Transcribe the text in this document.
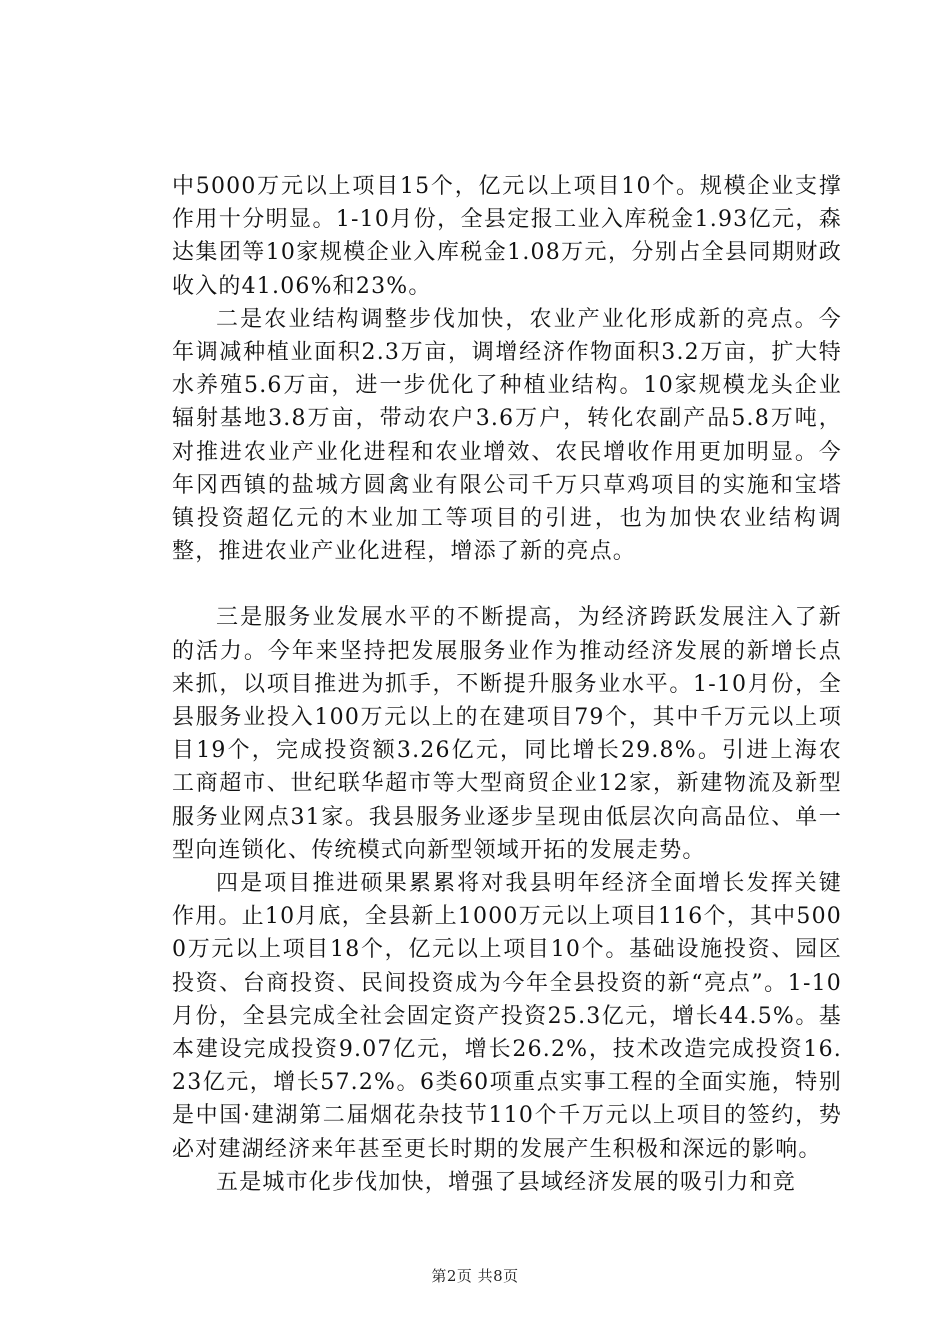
中5000万元以上项目15个，亿元以上项目10个。规模企业支撑作用十分明显。1-10月份，全县定报工业入库税金1.93亿元，森达集团等10家规模企业入库税金1.08万元，分别占全县同期财政收入的41.06%和23%。

二是农业结构调整步伐加快，农业产业化形成新的亮点。今年调减种植业面积2.3万亩，调增经济作物面积3.2万亩，扩大特水养殖5.6万亩，进一步优化了种植业结构。10家规模龙头企业辐射基地3.8万亩，带动农户3.6万户，转化农副产品5.8万吨，对推进农业产业化进程和农业增效、农民增收作用更加明显。今年冈西镇的盐城方圆禽业有限公司千万只草鸡项目的实施和宝塔镇投资超亿元的木业加工等项目的引进，也为加快农业结构调整，推进农业产业化进程，增添了新的亮点。

三是服务业发展水平的不断提高，为经济跨跃发展注入了新的活力。今年来坚持把发展服务业作为推动经济发展的新增长点来抓，以项目推进为抓手，不断提升服务业水平。1-10月份，全县服务业投入100万元以上的在建项目79个，其中千万元以上项目19个，完成投资额3.26亿元，同比增长29.8%。引进上海农工商超市、世纪联华超市等大型商贸企业12家，新建物流及新型服务业网点31家。我县服务业逐步呈现由低层次向高品位、单一型向连锁化、传统模式向新型领域开拓的发展走势。

四是项目推进硕果累累将对我县明年经济全面增长发挥关键作用。止10月底，全县新上1000万元以上项目116个，其中5000万元以上项目18个，亿元以上项目10个。基础设施投资、园区投资、台商投资、民间投资成为今年全县投资的新“亮点”。1-10月份，全县完成全社会固定资产投资25.3亿元，增长44.5%。基本建设完成投资9.07亿元，增长26.2%，技术改造完成投资16.23亿元，增长57.2%。6类60项重点实事工程的全面实施，特别是中国·建湖第二届烟花杂技节110个千万元以上项目的签约，势必对建湖经济来年甚至更长时期的发展产生积极和深远的影响。

五是城市化步伐加快，增强了县域经济发展的吸引力和竞

第2页 共8页
